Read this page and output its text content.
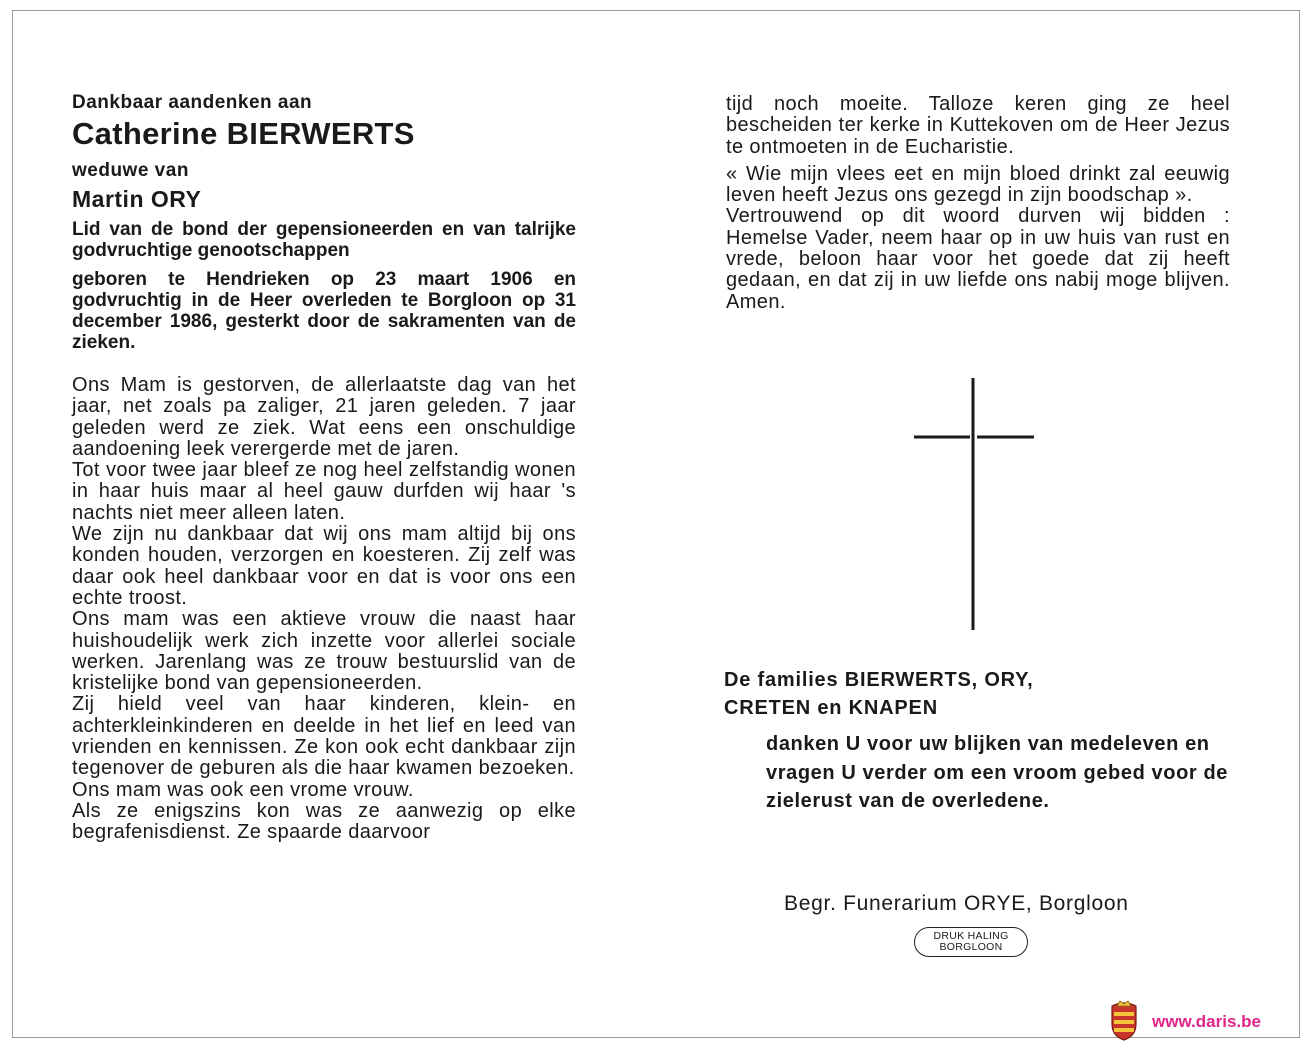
Dankbaar aandenken aan

Catherine BIERWERTS

weduwe van

Martin ORY

Lid van de bond der gepensioneerden en van talrijke godvruchtige genootschappen

geboren te Hendrieken op 23 maart 1906 en godvruchtig in de Heer overleden te Borgloon op 31 december 1986, gesterkt door de sakramenten van de zieken.

Ons Mam is gestorven, de allerlaatste dag van het jaar, net zoals pa zaliger, 21 jaren geleden. 7 jaar geleden werd ze ziek. Wat eens een onschuldige aandoening leek verergerde met de jaren.

Tot voor twee jaar bleef ze nog heel zelfstandig wonen in haar huis maar al heel gauw durfden wij haar 's nachts niet meer alleen laten.

We zijn nu dankbaar dat wij ons mam altijd bij ons konden houden, verzorgen en koesteren. Zij zelf was daar ook heel dankbaar voor en dat is voor ons een echte troost.

Ons mam was een aktieve vrouw die naast haar huishoudelijk werk zich inzette voor allerlei sociale werken. Jarenlang was ze trouw bestuurslid van de kristelijke bond van gepensioneerden.

Zij hield veel van haar kinderen, klein- en achterkleinkinderen en deelde in het lief en leed van vrienden en kennissen. Ze kon ook echt dankbaar zijn tegenover de geburen als die haar kwamen bezoeken.

Ons mam was ook een vrome vrouw.

Als ze enigszins kon was ze aanwezig op elke begrafenisdienst. Ze spaarde daarvoor

tijd noch moeite. Talloze keren ging ze heel bescheiden ter kerke in Kuttekoven om de Heer Jezus te ontmoeten in de Eucharistie.

« Wie mijn vlees eet en mijn bloed drinkt zal eeuwig leven heeft Jezus ons gezegd in zijn boodschap ».

Vertrouwend op dit woord durven wij bidden : Hemelse Vader, neem haar op in uw huis van rust en vrede, beloon haar voor het goede dat zij heeft gedaan, en dat zij in uw liefde ons nabij moge blijven. Amen.

De families BIERWERTS, ORY,
CRETEN en KNAPEN
danken U voor uw blijken van medeleven en vragen U verder om een vroom gebed voor de zielerust van de overledene.
Begr. Funerarium ORYE, Borgloon
DRUK HALING
BORGLOON
www.daris.be
